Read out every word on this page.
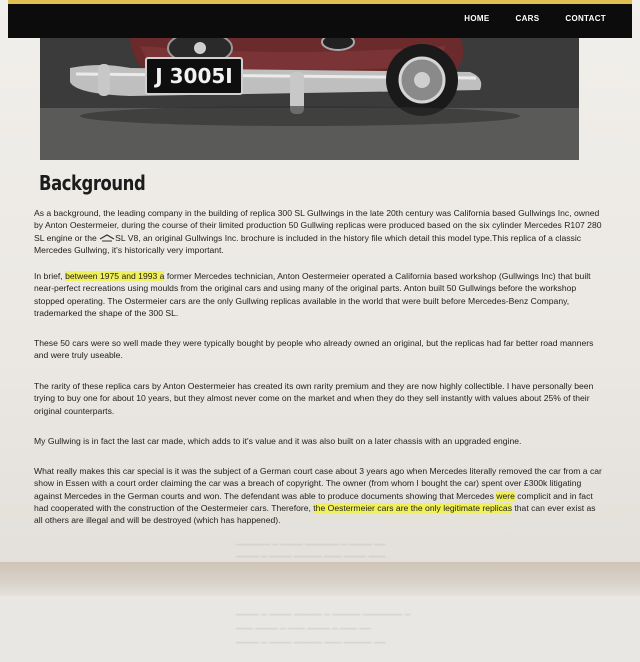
────── ─ ──── ────── ─ ──── ──
──── ─ ──── ───── ─── ──── ───
──── ─ ──── ───── ─ ───── ─────── ─
─── ──── ─ ─── ──── ─ ─── ──
──── ─ ──── ───── ─── ───── ──
HOME	CARS	CONTACT
J 3005I
Background

As a background, the leading company in the building of replica 300 SL Gullwings in the late 20th century was California based Gullwings Inc, owned by Anton Oestermeier, during the course of their limited production 50 Gullwing replicas were produced based on the six cylinder Mercedes R107 280 SL engine or the SL V8, an original Gullwings Inc. brochure is included in the history file which detail this model type.This replica of a classic Mercedes Gullwing, it's historically very important.

In brief, between 1975 and 1993 a former Mercedes technician, Anton Oestermeier operated a California based workshop (Gullwings Inc) that built near-perfect recreations using moulds from the original cars and using many of the original parts. Anton built 50 Gullwings before the workshop stopped operating. The Ostermeier cars are the only Gullwing replicas available in the world that were built before Mercedes-Benz Company, trademarked the shape of the 300 SL.

These 50 cars were so well made they were typically bought by people who already owned an original, but the replicas had far better road manners and were truly useable.

The rarity of these replica cars by Anton Oestermeier has created its own rarity premium and they are now highly collectible. I have personally been trying to buy one for about 10 years, but they almost never come on the market and when they do they sell instantly with values about 25% of their original counterparts.

My Gullwing is in fact the last car made, which adds to it's value and it was also built on a later chassis with an upgraded engine.

What really makes this car special is it was the subject of a German court case about 3 years ago when Mercedes literally removed the car from a car show in Essen with a court order claiming the car was a breach of copyright. The owner (from whom I bought the car) spent over £300k litigating against Mercedes in the German courts and won. The defendant was able to produce documents showing that Mercedes were complicit and in fact had cooperated with the construction of the Oestermeier cars. Therefore, the Oestermeier cars are the only legitimate replicas that can ever exist as all others are illegal and will be destroyed (which has happened).
